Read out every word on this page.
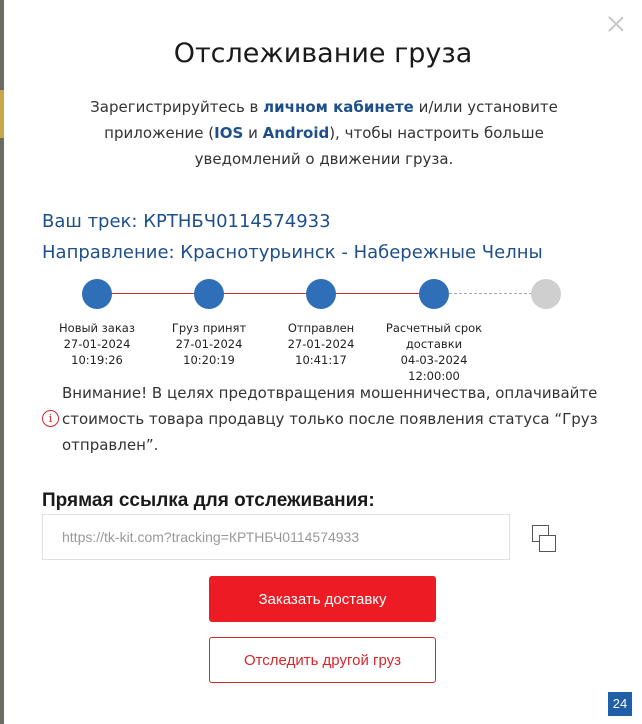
Отслеживание груза
Зарегистрируйтесь в личном кабинете и/или установите приложение (IOS и Android), чтобы настроить больше уведомлений о движении груза.
Ваш трек: КРТНБЧ0114574933
Направление: Краснотурьинск - Набережные Челны
Новый заказ
27-01-2024
10:19:26
Груз принят
27-01-2024
10:20:19
Отправлен
27-01-2024
10:41:17
Расчетный срок доставки
04-03-2024
12:00:00
i
Внимание! В целях предотвращения мошенничества, оплачивайте стоимость товара продавцу только после появления статуса “Груз отправлен”.
Прямая ссылка для отслеживания:
https://tk-kit.com?tracking=КРТНБЧ0114574933
Заказать доставку
Отследить другой груз
24
